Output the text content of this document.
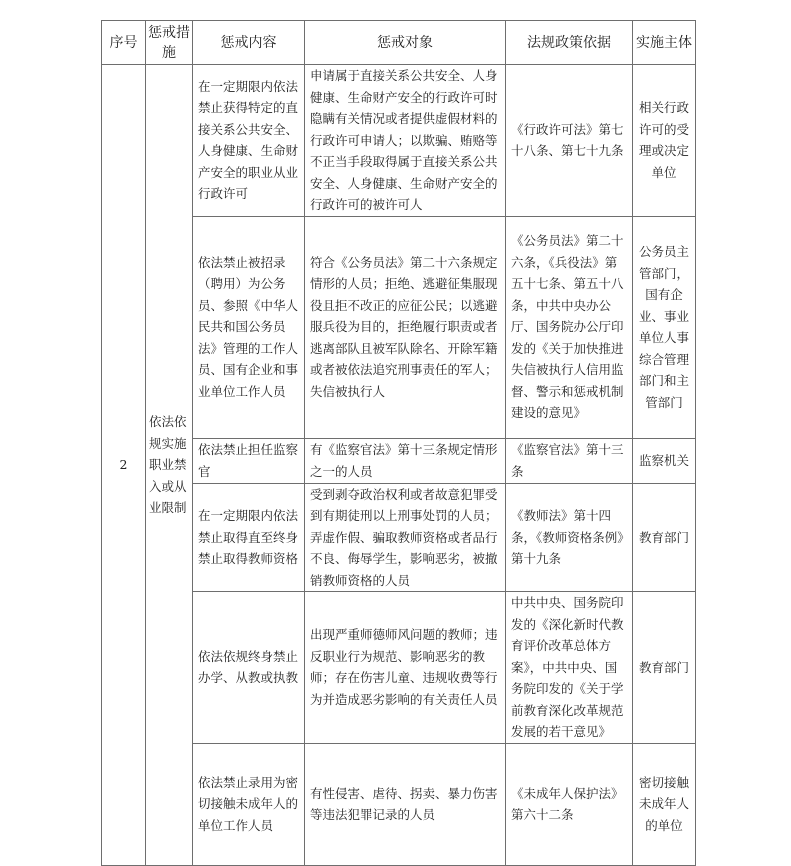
序号	惩戒措施	惩戒内容	惩戒对象	法规政策依据	实施主体
2	依法依规实施职业禁入或从业限制	在一定期限内依法禁止获得特定的直接关系公共安全、人身健康、生命财产安全的职业从业行政许可	申请属于直接关系公共安全、人身健康、生命财产安全的行政许可时隐瞒有关情况或者提供虚假材料的行政许可申请人；以欺骗、贿赂等不正当手段取得属于直接关系公共安全、人身健康、生命财产安全的行政许可的被许可人	《行政许可法》第七十八条、第七十九条	相关行政许可的受理或决定单位
		依法禁止被招录（聘用）为公务员、参照《中华人民共和国公务员法》管理的工作人员、国有企业和事业单位工作人员	符合《公务员法》第二十六条规定情形的人员；拒绝、逃避征集服现役且拒不改正的应征公民；以逃避服兵役为目的，拒绝履行职责或者逃离部队且被军队除名、开除军籍或者被依法追究刑事责任的军人；失信被执行人	《公务员法》第二十六条，《兵役法》第五十七条、第五十八条，中共中央办公厅、国务院办公厅印发的《关于加快推进失信被执行人信用监督、警示和惩戒机制建设的意见》	公务员主管部门，国有企业、事业单位人事综合管理部门和主管部门
		依法禁止担任监察官	有《监察官法》第十三条规定情形之一的人员	《监察官法》第十三条	监察机关
		在一定期限内依法禁止取得直至终身禁止取得教师资格	受到剥夺政治权利或者故意犯罪受到有期徒刑以上刑事处罚的人员；弄虚作假、骗取教师资格或者品行不良、侮辱学生，影响恶劣，被撤销教师资格的人员	《教师法》第十四条，《教师资格条例》第十九条	教育部门
		依法依规终身禁止办学、从教或执教	出现严重师德师风问题的教师；违反职业行为规范、影响恶劣的教师；存在伤害儿童、违规收费等行为并造成恶劣影响的有关责任人员	中共中央、国务院印发的《深化新时代教育评价改革总体方案》，中共中央、国务院印发的《关于学前教育深化改革规范发展的若干意见》	教育部门
		依法禁止录用为密切接触未成年人的单位工作人员	有性侵害、虐待、拐卖、暴力伤害等违法犯罪记录的人员	《未成年人保护法》第六十二条	密切接触未成年人的单位
